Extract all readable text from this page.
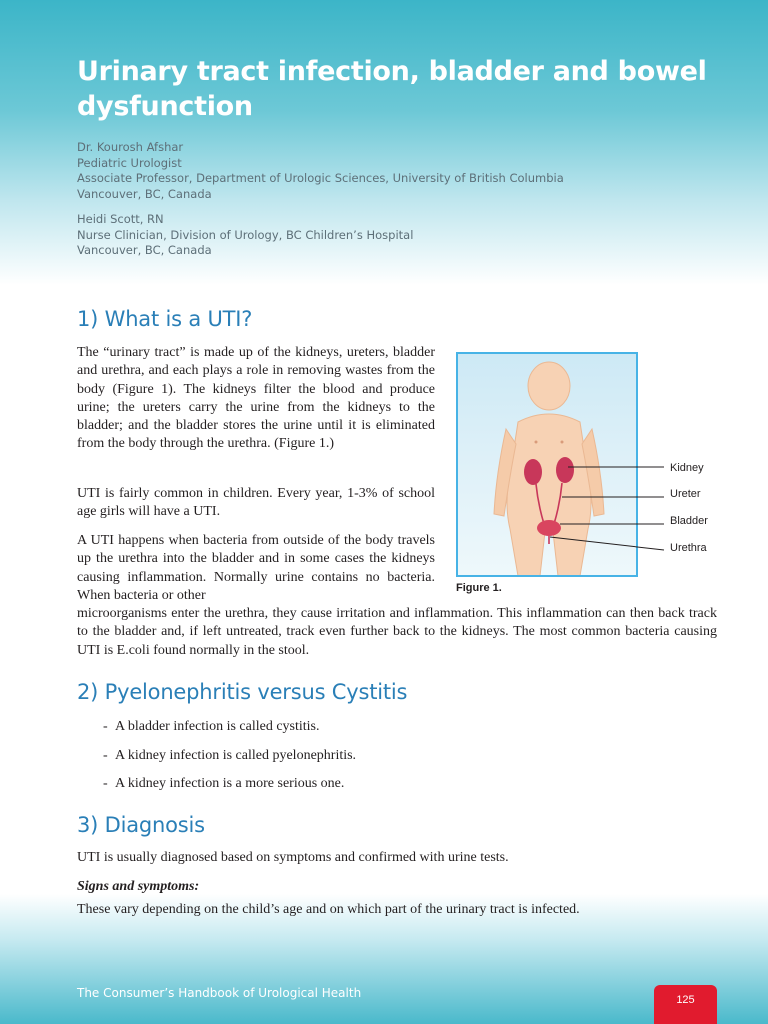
Urinary tract infection, bladder and bowel dysfunction
Dr. Kourosh Afshar
Pediatric Urologist
Associate Professor, Department of Urologic Sciences, University of British Columbia
Vancouver, BC, Canada
Heidi Scott, RN
Nurse Clinician, Division of Urology, BC Children’s Hospital
Vancouver, BC, Canada
1) What is a UTI?

The “urinary tract” is made up of the kidneys, ureters, bladder and urethra, and each plays a role in removing wastes from the body (Figure 1). The kidneys filter the blood and produce urine; the ureters carry the urine from the kidneys to the bladder; and the bladder stores the urine until it is eliminated from the body through the urethra. (Figure 1.)

UTI is fairly common in children. Every year, 1-3% of school age girls will have a UTI.

A UTI happens when bacteria from outside of the body travels up the urethra into the bladder and in some cases the kidneys causing inflammation. Normally urine contains no bacteria. When bacteria or other

microorganisms enter the urethra, they cause irritation and inflammation. This inflammation can then back track to the bladder and, if left untreated, track even further back to the kidneys. The most common bacteria causing UTI is E.coli found normally in the stool.

Kidney
Ureter
Bladder
Urethra
Figure 1.
2) Pyelonephritis versus Cystitis
- A bladder infection is called cystitis.
- A kidney infection is called pyelonephritis.
- A kidney infection is a more serious one.
3) Diagnosis

UTI is usually diagnosed based on symptoms and confirmed with urine tests.

Signs and symptoms:

These vary depending on the child’s age and on which part of the urinary tract is infected.

The Consumer’s Handbook of Urological Health	125
